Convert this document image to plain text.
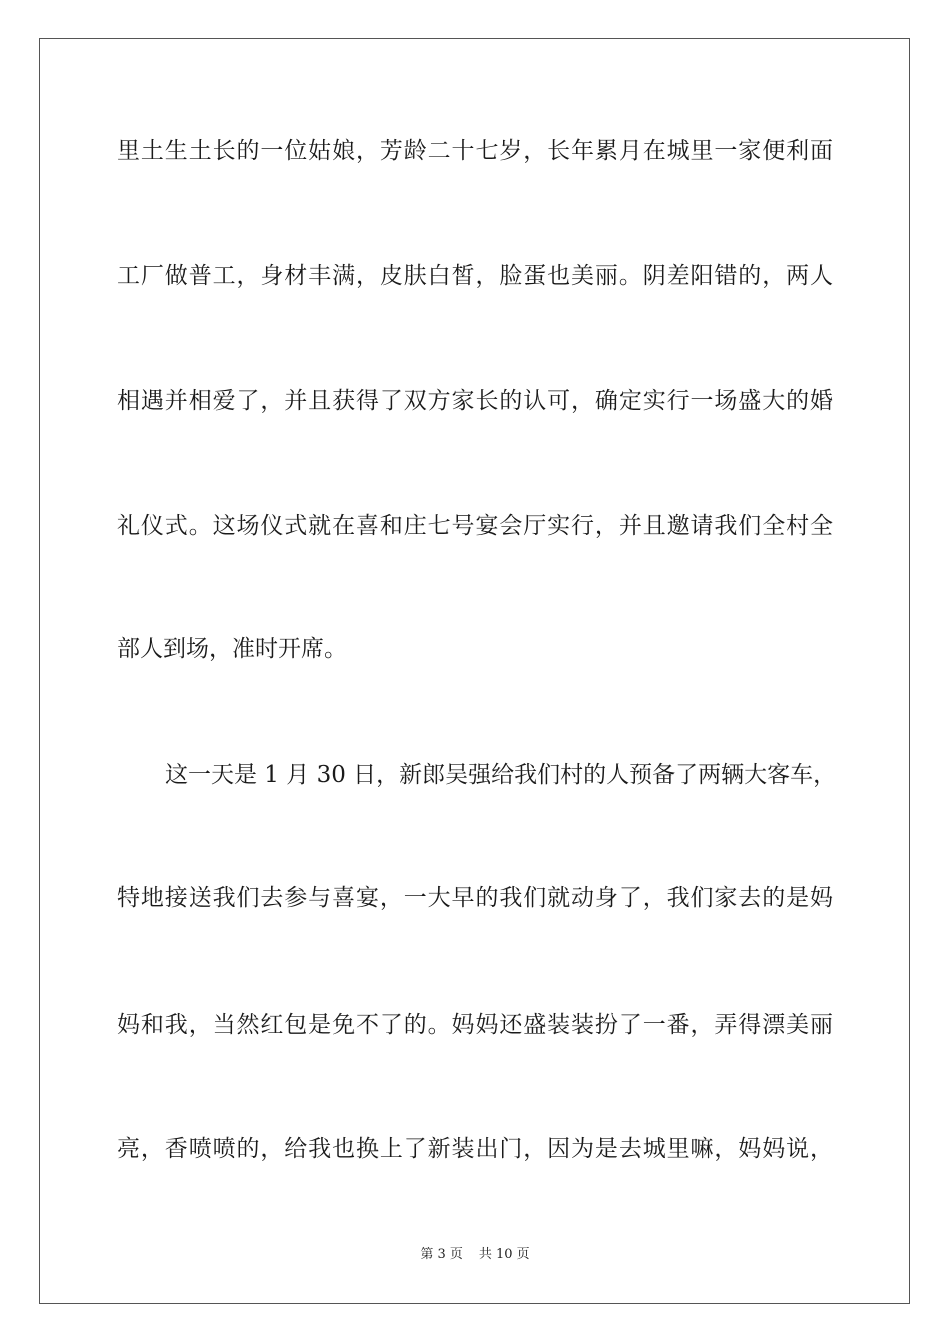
里土生土长的一位姑娘，芳龄二十七岁，长年累月在城里一家便利面
工厂做普工，身材丰满，皮肤白皙，脸蛋也美丽。阴差阳错的，两人
相遇并相爱了，并且获得了双方家长的认可，确定实行一场盛大的婚
礼仪式。这场仪式就在喜和庄七号宴会厅实行，并且邀请我们全村全
部人到场，准时开席。
这一天是 1 月 30 日，新郎吴强给我们村的人预备了两辆大客车，
特地接送我们去参与喜宴，一大早的我们就动身了，我们家去的是妈
妈和我，当然红包是免不了的。妈妈还盛装装扮了一番，弄得漂美丽
亮，香喷喷的，给我也换上了新装出门，因为是去城里嘛，妈妈说，
第 3 页 共 10 页
